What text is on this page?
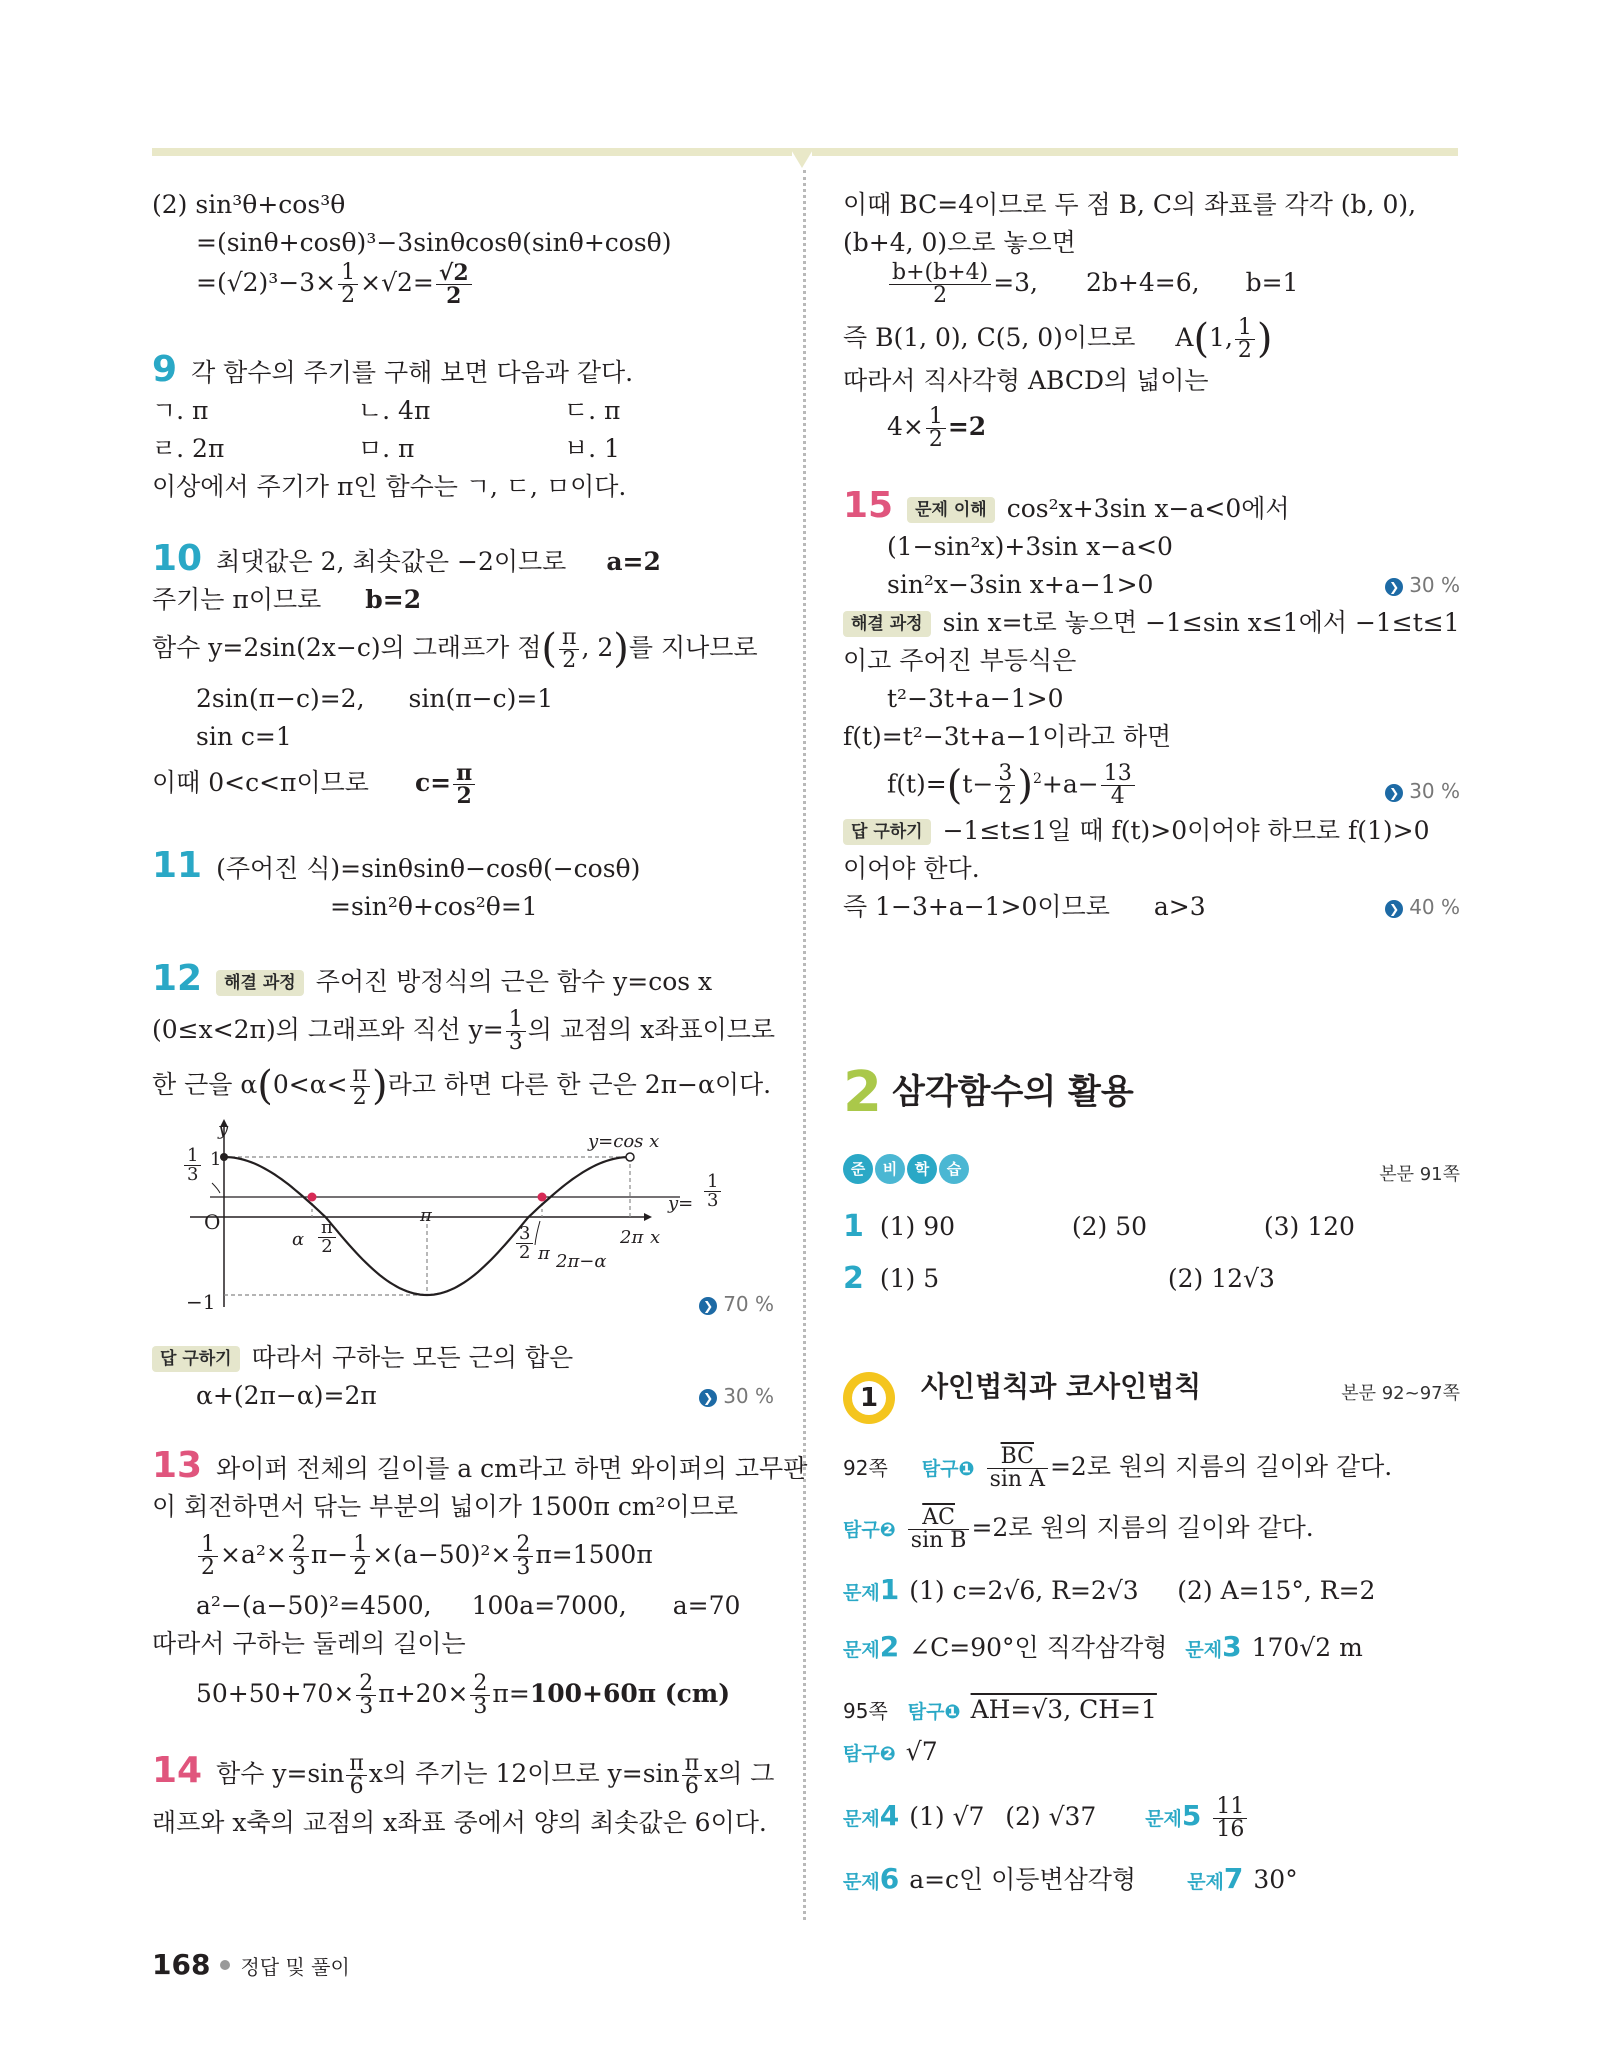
(2) sin³θ+cos³θ
=(sinθ+cosθ)³−3sinθcosθ(sinθ+cosθ)
$=(√2)^3-3\times \frac{1}{2} \times√2= \frac{√2}{2}$
9 각 함수의 주기를 구해 보면 다음과 같다.
ㄱ. π	ㄴ. 4π	ㄷ. π
ㄹ. 2π	ㅁ. π	ㅂ. 1
이상에서 주기가 π인 함수는 ㄱ, ㄷ, ㅁ이다.
10 최댓값은 2, 최솟값은 −2이므로 a=2
주기는 π이므로 b=2
함수 y=2sin(2x−c)의 그래프가 점( $\frac{\pi}{2}$ , 2)를 지나므로
2sin(π−c)=2, sin(π−c)=1
sin c=1
이때 0<c<π이므로 $c= \frac{\pi}{2}$
11 (주어진 식)=sinθsinθ−cosθ(−cosθ)
=sin²θ+cos²θ=1
12 해결 과정 주어진 방정식의 근은 함수 y=cos x
(0≤x<2π)의 그래프와 직선 $y= \frac{1}{3}$ 의 교점의 x좌표이므로
한 근을 $\alpha(0<\alpha< \frac{\pi}{2}$ )라고 하면 다른 한 근은 2π−α이다.
y
O
1
−1
$\frac{1}{3}$
y=cos x
$y= \frac{1}{3}$
π
α $\frac{\pi}{2}$	$\frac{3}{2}$ π
2π x
2π−α
❯ 70 %
답 구하기 따라서 구하는 모든 근의 합은
α+(2π−α)=2π	❯ 30 %
13 와이퍼 전체의 길이를 a cm라고 하면 와이퍼의 고무판
이 회전하면서 닦는 부분의 넓이가 1500π cm²이므로
$\frac{1}{2} \times a^2\times \frac{2}{3} \pi- \frac{1}{2} \times(a-50)^2\times \frac{2}{3} \pi=1500\pi$
a²−(a−50)²=4500, 100a=7000, a=70
따라서 구하는 둘레의 길이는
$50+50+70\times \frac{2}{3} \pi+20\times \frac{2}{3} \pi=100+60\pi$ (cm)
14 함수 $y=\sin \frac{\pi}{6}$ x의 주기는 12이므로 $y=\sin \frac{\pi}{6}$ x의 그
래프와 x축의 교점의 x좌표 중에서 양의 최솟값은 6이다.
이때 BC=4이므로 두 점 B, C의 좌표를 각각 (b, 0),
(b+4, 0)으로 놓으면
$\frac{b+(b+4)}{2} =3$, 2b+4=6, b=1
즉 B(1, 0), C(5, 0)이므로 A(1, $\frac{1}{2}$ )
따라서 직사각형 ABCD의 넓이는
$4\times \frac{1}{2} =2$
15 문제 이해 cos²x+3sin x−a<0에서
(1−sin²x)+3sin x−a<0
sin²x−3sin x+a−1>0	❯ 30 %
해결 과정 sin x=t로 놓으면 −1≤sin x≤1에서 −1≤t≤1
이고 주어진 부등식은
t²−3t+a−1>0
f(t)=t²−3t+a−1이라고 하면
$f(t)=(t- \frac{3}{2} )^2+a- \frac{13}{4}$	❯ 30 %
답 구하기 −1≤t≤1일 때 f(t)>0이어야 하므로 f(1)>0
이어야 한다.
즉 1−3+a−1>0이므로 a>3	❯ 40 %
2 삼각함수의 활용
준 비 학 습	본문 91쪽
1 (1) 90	(2) 50	(3) 120
2 (1) 5	(2) 12√3
1 사인법칙과 코사인법칙	본문 92~97쪽
92쪽 탐구❶ $\frac{\overline{BC}}{\text{sin A}} =2$로 원의 지름의 길이와 같다.
탐구❷ $\frac{\overline{AC}}{\text{sin B}} =2$로 원의 지름의 길이와 같다.
문제1 (1) c=2√6, R=2√3 (2) A=15°, R=2
문제2 ∠C=90°인 직각삼각형 문제3 170√2 m
95쪽 탐구❶ AH=√3, CH=1
탐구❷ √7
문제4 (1) √7 (2) √37	문제$5 \frac{11}{16}$
문제6 a=c인 이등변삼각형	문제7 30°
168 정답 및 풀이
